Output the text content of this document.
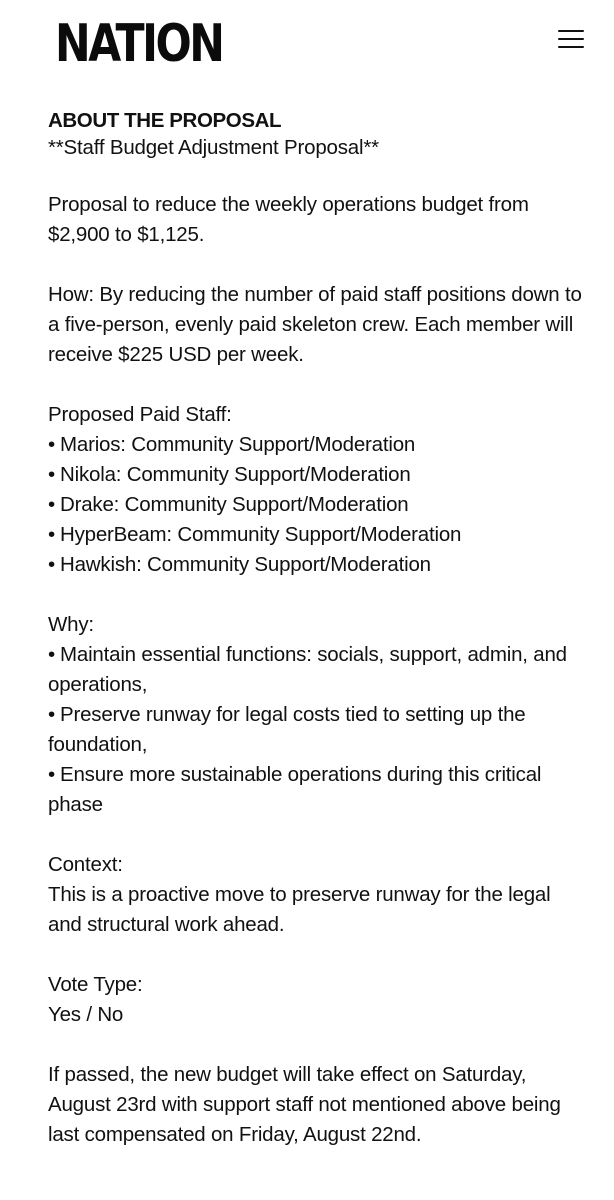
NATION
ABOUT THE PROPOSAL

**Staff Budget Adjustment Proposal**

Proposal to reduce the weekly operations budget from $2,900 to $1,125.

How: By reducing the number of paid staff positions down to a five-person, evenly paid skeleton crew. Each member will receive $225 USD per week.

Proposed Paid Staff:

• Marios: Community Support/Moderation
• Nikola: Community Support/Moderation
• Drake: Community Support/Moderation
• HyperBeam: Community Support/Moderation
• Hawkish: Community Support/Moderation

Why:

• Maintain essential functions: socials, support, admin, and operations,
• Preserve runway for legal costs tied to setting up the foundation,
• Ensure more sustainable operations during this critical phase

Context:

This is a proactive move to preserve runway for the legal and structural work ahead.

Vote Type:

Yes / No

If passed, the new budget will take effect on Saturday, August 23rd with support staff not mentioned above being last compensated on Friday, August 22nd.
